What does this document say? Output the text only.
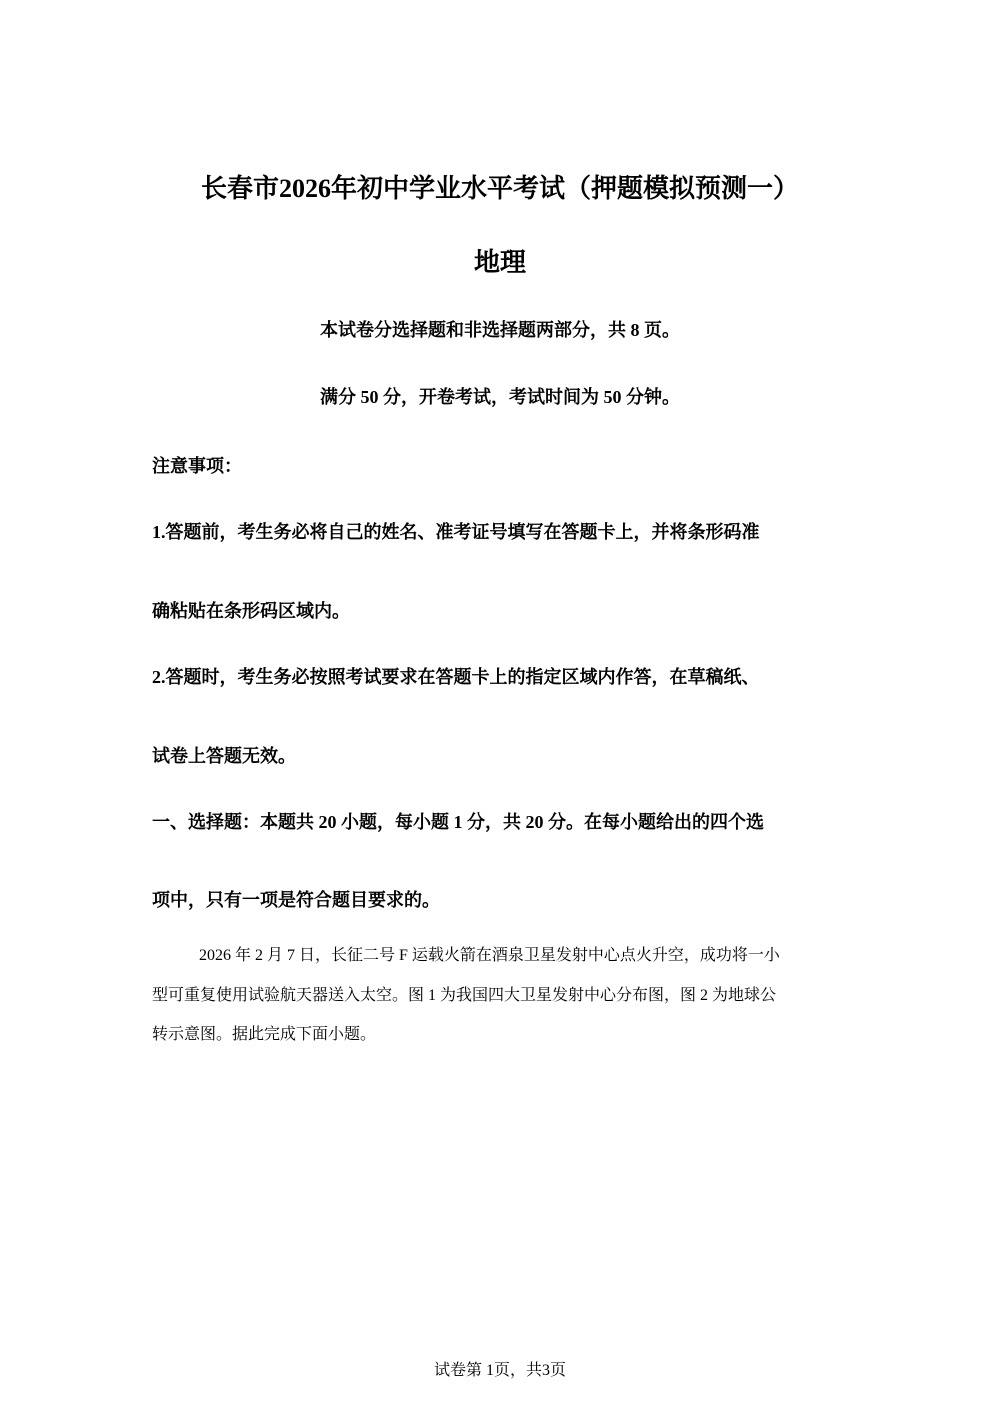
长春市2026年初中学业水平考试（押题模拟预测一）
地理
本试卷分选择题和非选择题两部分，共 8 页。
满分 50 分，开卷考试，考试时间为 50 分钟。
注意事项：
1.答题前，考生务必将自己的姓名、准考证号填写在答题卡上，并将条形码准
确粘贴在条形码区域内。
2.答题时，考生务必按照考试要求在答题卡上的指定区域内作答，在草稿纸、
试卷上答题无效。
一、选择题：本题共 20 小题，每小题 1 分，共 20 分。在每小题给出的四个选
项中，只有一项是符合题目要求的。
2026 年 2 月 7 日，长征二号 F 运载火箭在酒泉卫星发射中心点火升空，成功将一小
型可重复使用试验航天器送入太空。图 1 为我国四大卫星发射中心分布图，图 2 为地球公
转示意图。据此完成下面小题。
试卷第 1页，共3页
